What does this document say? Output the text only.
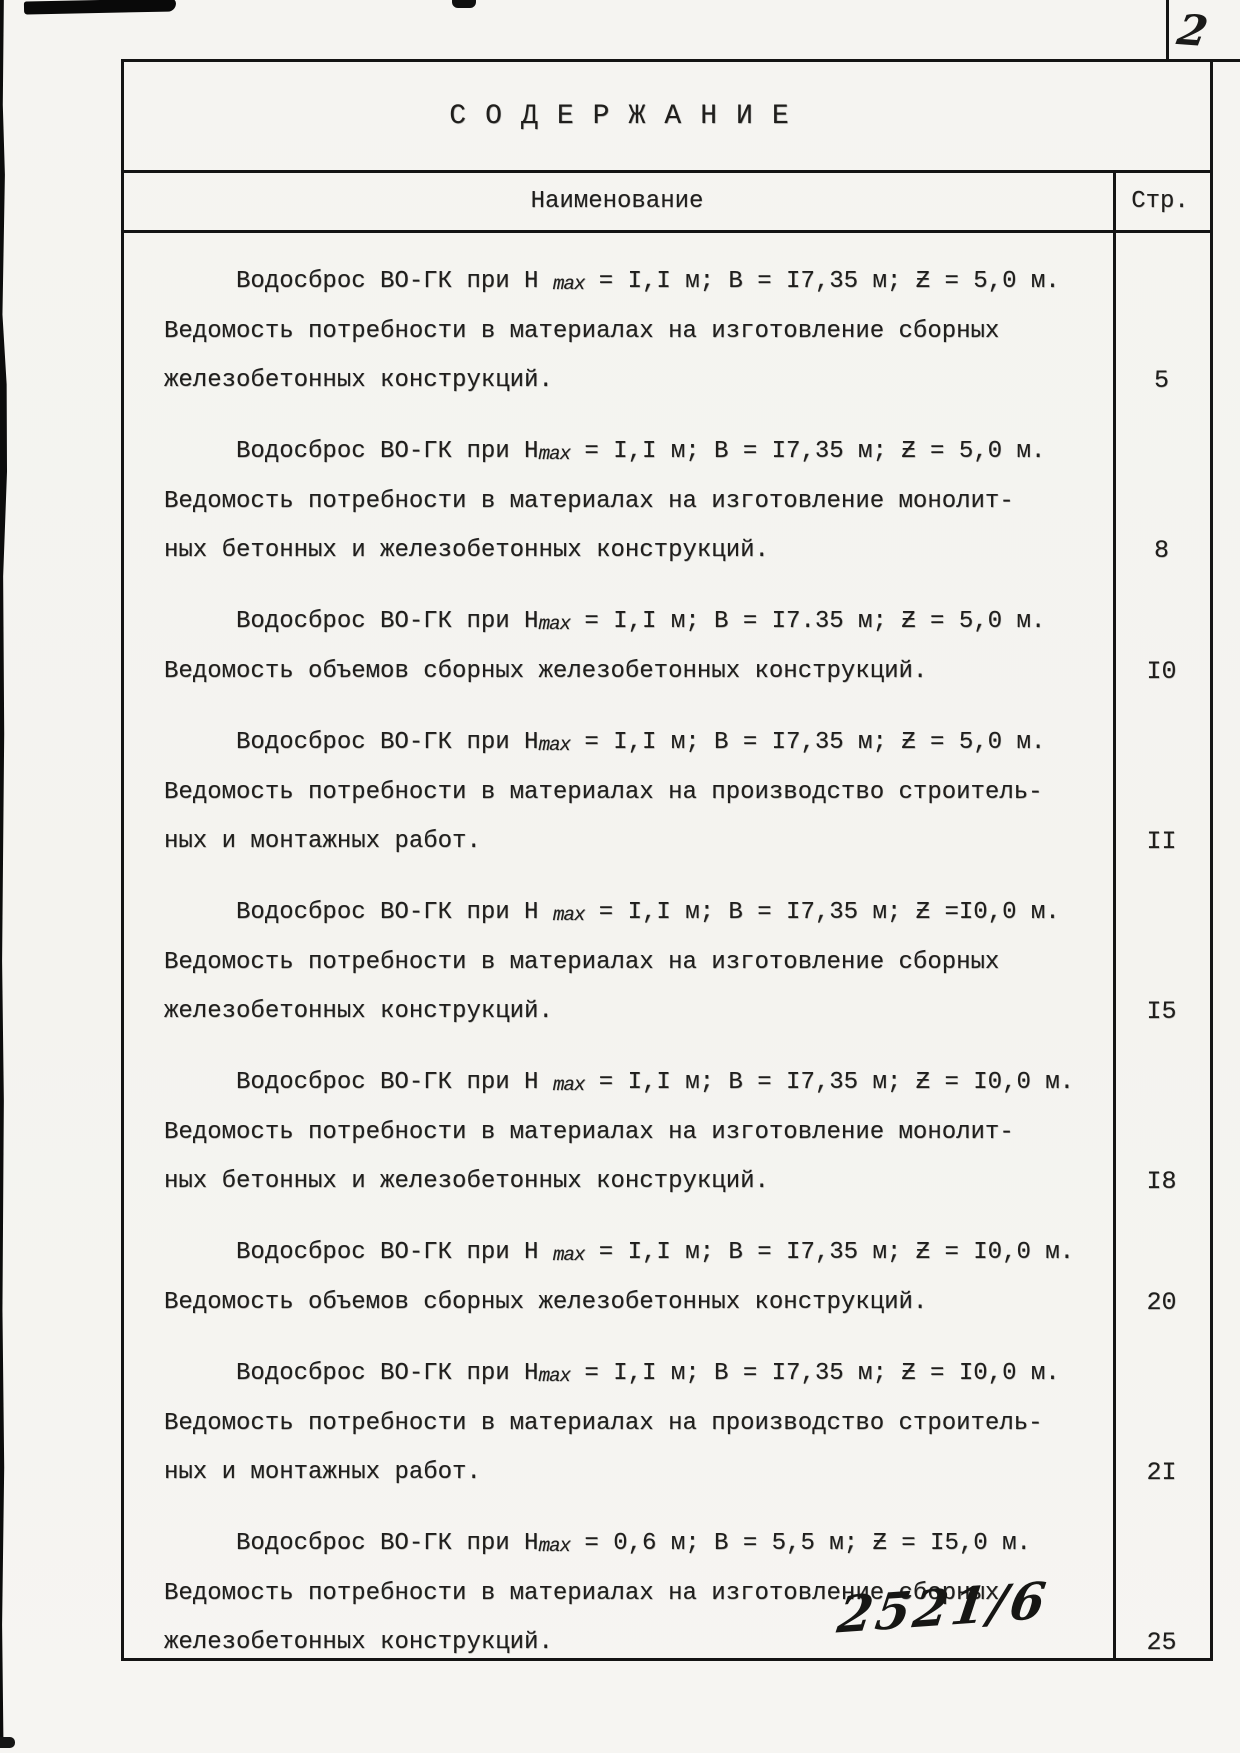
2
СОДЕРЖАНИЕ
Наименование	Стр.
Водосброс ВО-ГК при Н max = I,I м; В = I7,35 м; Ƶ = 5,0 м.
Ведомость потребности в материалах на изготовление сборных
железобетонных конструкций.	5
Водосброс ВО-ГК при Нmax = I,I м; В = I7,35 м; Ƶ = 5,0 м.
Ведомость потребности в материалах на изготовление монолит-
ных бетонных и железобетонных конструкций.	8
Водосброс ВО-ГК при Нmax = I,I м; В = I7.35 м; Ƶ = 5,0 м.
Ведомость объемов сборных железобетонных конструкций.	I0
Водосброс ВО-ГК при Нmax = I,I м; В = I7,35 м; Ƶ = 5,0 м.
Ведомость потребности в материалах на производство строитель-
ных и монтажных работ.	II
Водосброс ВО-ГК при Н max = I,I м; В = I7,35 м; Ƶ =I0,0 м.
Ведомость потребности в материалах на изготовление сборных
железобетонных конструкций.	I5
Водосброс ВО-ГК при Н max = I,I м; В = I7,35 м; Ƶ = I0,0 м.
Ведомость потребности в материалах на изготовление монолит-
ных бетонных и железобетонных конструкций.	I8
Водосброс ВО-ГК при Н max = I,I м; В = I7,35 м; Ƶ = I0,0 м.
Ведомость объемов сборных железобетонных конструкций.	20
Водосброс ВО-ГК при Нmax = I,I м; В = I7,35 м; Ƶ = I0,0 м.
Ведомость потребности в материалах на производство строитель-
ных и монтажных работ.	2I
Водосброс ВО-ГК при Нmax = 0,6 м; В = 5,5 м; Ƶ = I5,0 м.
Ведомость потребности в материалах на изготовление сборных
железобетонных конструкций.	25
2521/6
